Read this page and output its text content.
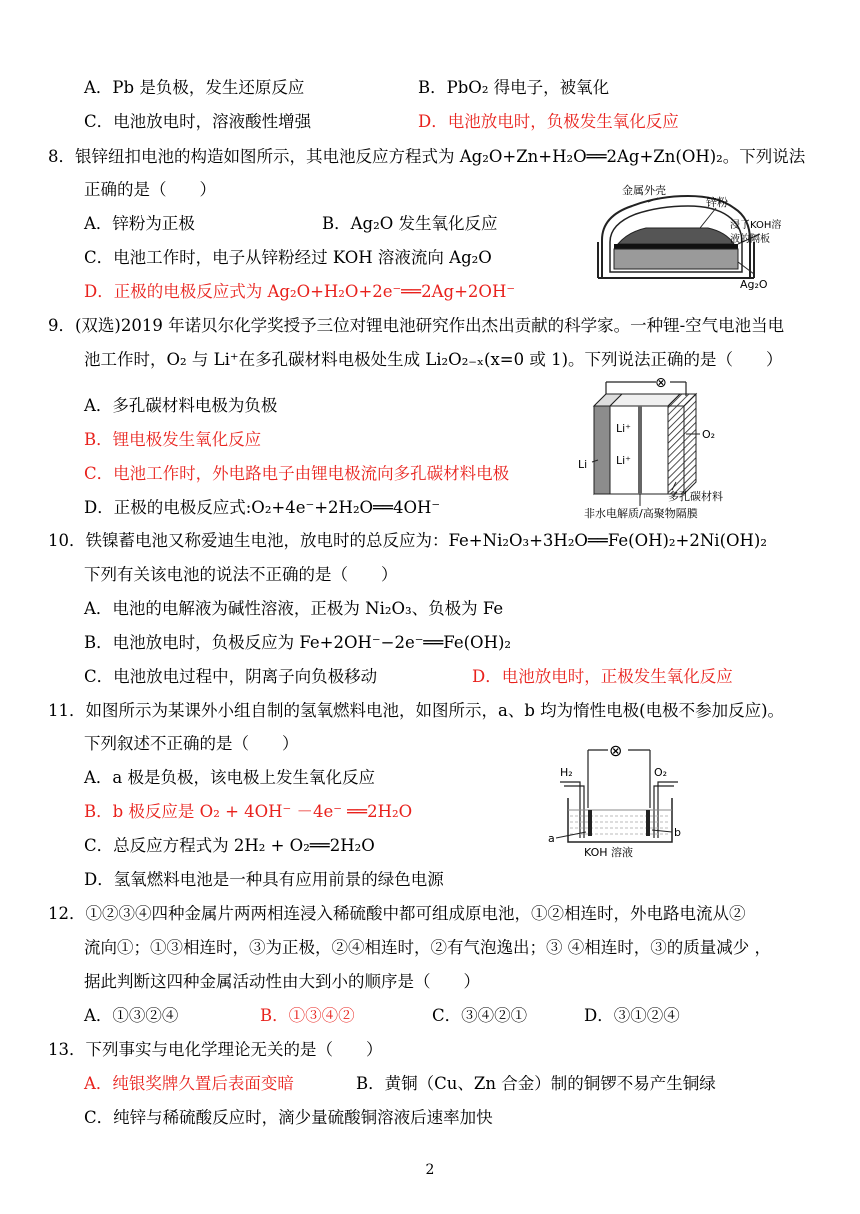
A．Pb 是负极，发生还原反应	B．PbO₂ 得电子，被氧化
C．电池放电时，溶液酸性增强	D．电池放电时，负极发生氧化反应
8．银锌纽扣电池的构造如图所示，其电池反应方程式为 Ag₂O+Zn+H₂O══2Ag+Zn(OH)₂。下列说法
正确的是（　　）
A．锌粉为正极	B．Ag₂O 发生氧化反应
C．电池工作时，电子从锌粉经过 KOH 溶液流向 Ag₂O
D．正极的电极反应式为 Ag₂O+H₂O+2e⁻══2Ag+2OH⁻
金属外壳
锌粉
浸了KOH溶
液的隔板
Ag₂O
9．(双选)2019 年诺贝尔化学奖授予三位对锂电池研究作出杰出贡献的科学家。一种锂-空气电池当电
池工作时，O₂ 与 Li⁺在多孔碳材料电极处生成 Li₂O₂₋ₓ(x=0 或 1)。下列说法正确的是（　　）
A．多孔碳材料电极为负极
B．锂电极发生氧化反应
C．电池工作时，外电路电子由锂电极流向多孔碳材料电极
D．正极的电极反应式:O₂+4e⁻+2H₂O══4OH⁻
⊗
Li⁺
Li⁺
Li
O₂
多孔碳材料
非水电解质/高聚物隔膜
10．铁镍蓄电池又称爱迪生电池，放电时的总反应为：Fe+Ni₂O₃+3H₂O══Fe(OH)₂+2Ni(OH)₂
下列有关该电池的说法不正确的是（　　）
A．电池的电解液为碱性溶液，正极为 Ni₂O₃、负极为 Fe
B．电池放电时，负极反应为 Fe+2OH⁻−2e⁻══Fe(OH)₂
C．电池放电过程中，阴离子向负极移动	D．电池放电时，正极发生氧化反应
11．如图所示为某课外小组自制的氢氧燃料电池，如图所示，a、b 均为惰性电极(电极不参加反应)。
下列叙述不正确的是（　　）
A．a 极是负极，该电极上发生氧化反应
B．b 极反应是 O₂ + 4OH⁻ －4e⁻ ══2H₂O
C．总反应方程式为 2H₂ + O₂══2H₂O
D．氢氧燃料电池是一种具有应用前景的绿色电源
⊗
H₂	O₂
a	b
KOH 溶液
12．①②③④四种金属片两两相连浸入稀硫酸中都可组成原电池，①②相连时，外电路电流从②
流向①；①③相连时，③为正极，②④相连时，②有气泡逸出；③ ④相连时，③的质量减少 ，
据此判断这四种金属活动性由大到小的顺序是（　　）
A．①③②④	B．①③④②	C．③④②①	D．③①②④
13．下列事实与电化学理论无关的是（　　）
A．纯银奖牌久置后表面变暗	B．黄铜（Cu、Zn 合金）制的铜锣不易产生铜绿
C．纯锌与稀硫酸反应时，滴少量硫酸铜溶液后速率加快
2
